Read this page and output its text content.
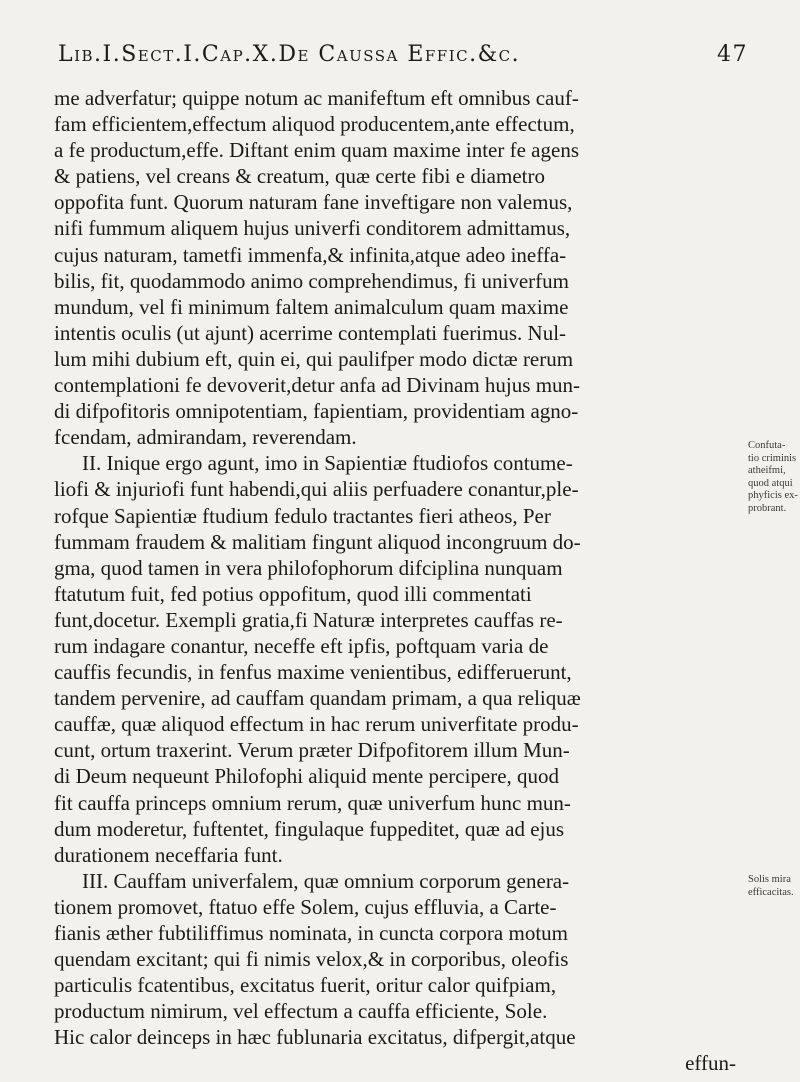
Lib.I.Sect.I.Cap.X.De Caussa Effic.&c.	47
me adverfatur; quippe notum ac manifeftum eft omnibus cauf-
fam efficientem,effectum aliquod producentem,ante effectum,
a fe productum,effe. Diftant enim quam maxime inter fe agens
& patiens, vel creans & creatum, quæ certe fibi e diametro
oppofita funt. Quorum naturam fane inveftigare non valemus,
nifi fummum aliquem hujus univerfi conditorem admittamus,
cujus naturam, tametfi immenfa,& infinita,atque adeo ineffa-
bilis, fit, quodammodo animo comprehendimus, fi univerfum
mundum, vel fi minimum faltem animalculum quam maxime
intentis oculis (ut ajunt) acerrime contemplati fuerimus. Nul-
lum mihi dubium eft, quin ei, qui paulifper modo dictæ rerum
contemplationi fe devoverit,detur anfa ad Divinam hujus mun-
di difpofitoris omnipotentiam, fapientiam, providentiam agno-
fcendam, admirandam, reverendam.
II. Inique ergo agunt, imo in Sapientiæ ftudiofos contume-
liofi & injuriofi funt habendi,qui aliis perfuadere conantur,ple-
rofque Sapientiæ ftudium fedulo tractantes fieri atheos, Per
fummam fraudem & malitiam fingunt aliquod incongruum do-
gma, quod tamen in vera philofophorum difciplina nunquam
ftatutum fuit, fed potius oppofitum, quod illi commentati
funt,docetur. Exempli gratia,fi Naturæ interpretes cauffas re-
rum indagare conantur, neceffe eft ipfis, poftquam varia de
cauffis fecundis, in fenfus maxime venientibus, edifferuerunt,
tandem pervenire, ad cauffam quandam primam, a qua reliquæ
cauffæ, quæ aliquod effectum in hac rerum univerfitate produ-
cunt, ortum traxerint. Verum præter Difpofitorem illum Mun-
di Deum nequeunt Philofophi aliquid mente percipere, quod
fit cauffa princeps omnium rerum, quæ univerfum hunc mun-
dum moderetur, fuftentet, fingulaque fuppeditet, quæ ad ejus
durationem neceffaria funt.
III. Cauffam univerfalem, quæ omnium corporum genera-
tionem promovet, ftatuo effe Solem, cujus effluvia, a Carte-
fianis æther fubtiliffimus nominata, in cuncta corpora motum
quendam excitant; qui fi nimis velox,& in corporibus, oleofis
particulis fcatentibus, excitatus fuerit, oritur calor quifpiam,
productum nimirum, vel effectum a cauffa efficiente, Sole.
Hic calor deinceps in hæc fublunaria excitatus, difpergit,atque
effun-
Confuta-
tio criminis
atheifmi,
quod atqui
phyficis ex-
probrant.
Solis mira
efficacitas.
